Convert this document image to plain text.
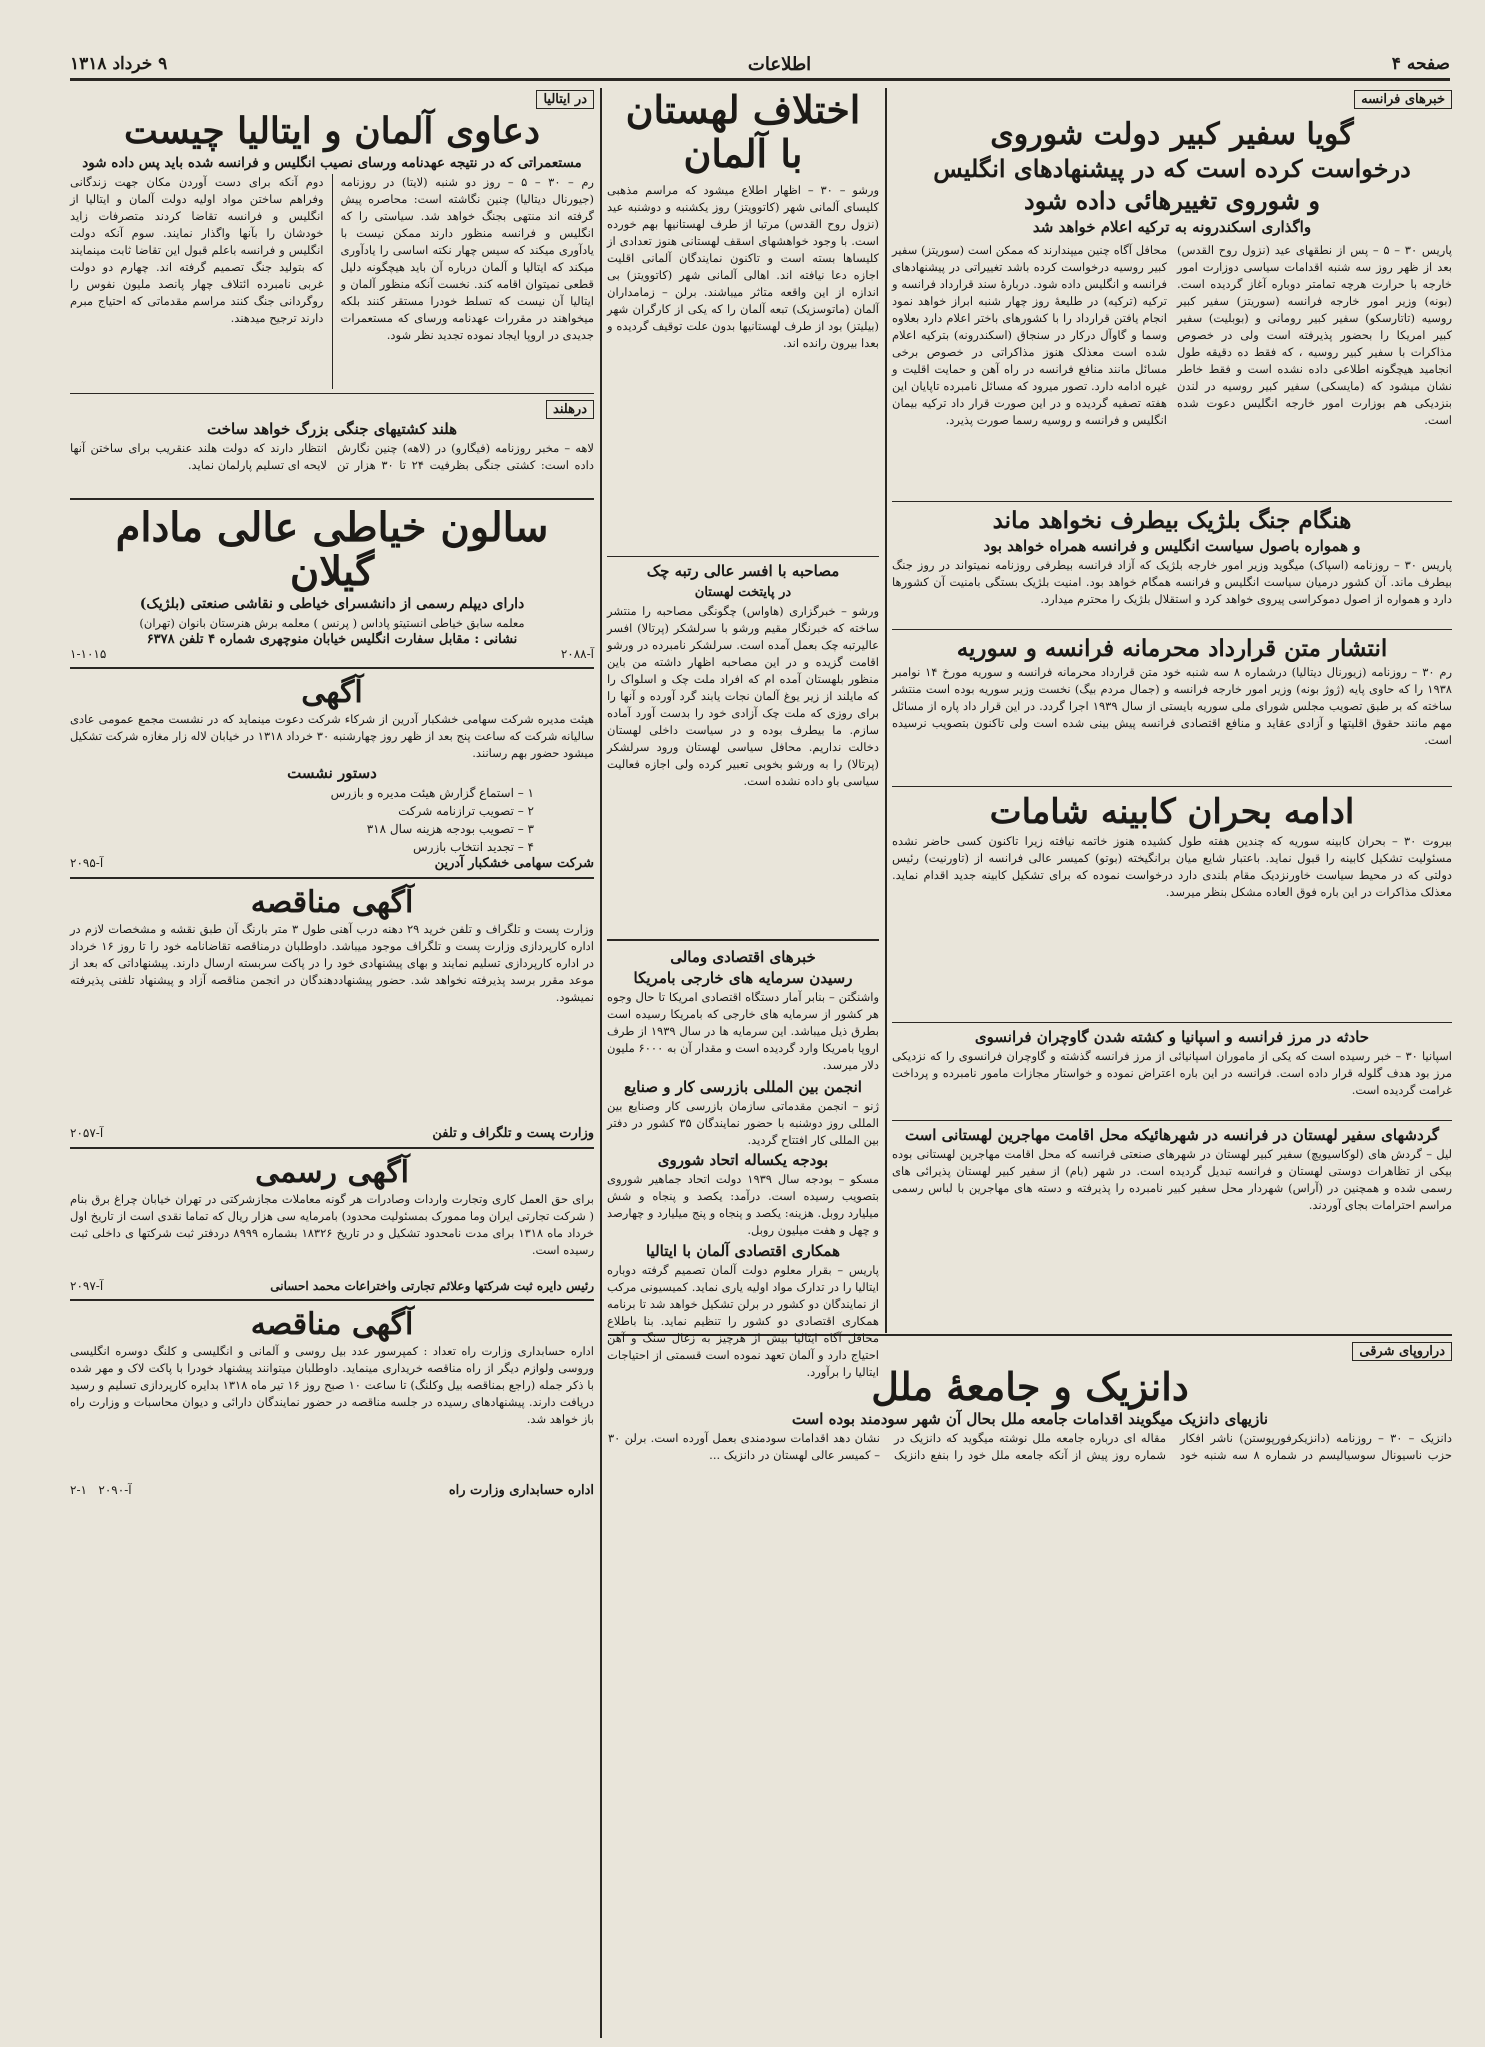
۹ خرداد ۱۳۱۸	اطلاعات	صفحه ۴
خبرهای فرانسه
گویا سفیر کبیر دولت شوروی
درخواست کرده است که در پیشنهادهای انگلیس
و شوروی تغییرهائی داده شود
واگذاری اسکندرونه به ترکیه اعلام خواهد شد
پاریس ۳۰ – ۵ – پس از نطقهای عید (نزول روح القدس) بعد از ظهر روز سه شنبه اقدامات سیاسی دوزارت امور خارجه با حرارت هرچه تمامتر دوباره آغاز گردیده است. (بونه) وزیر امور خارجه فرانسه (سوریتز) سفیر کبیر روسیه (تاتارسکو) سفیر کبیر رومانی و (بوبلیت) سفیر کبیر امریکا را بحضور پذیرفته است ولی در خصوص مذاکرات با سفیر کبیر روسیه ، که فقط ده دقیقه طول انجامید هیچگونه اطلاعی داده نشده است و فقط خاطر نشان میشود که (مایسکی) سفیر کبیر روسیه در لندن بنزدیکی هم بوزارت امور خارجه انگلیس دعوت شده است.
محافل آگاه چنین میپندارند که ممکن است (سوریتز) سفیر کبیر روسیه درخواست کرده باشد تغییراتی در پیشنهادهای فرانسه و انگلیس داده شود. دربارهٔ سند قرارداد فرانسه و ترکیه (ترکیه) در طلیعهٔ روز چهار شنبه ابراز خواهد نمود انجام یافتن قرارداد را با کشورهای باختر اعلام دارد بعلاوه وسما و گاوآل درکار در سنجاق (اسکندرونه) بترکیه اعلام شده است معذلک هنوز مذاکراتی در خصوص برخی مسائل مانند منافع فرانسه در راه آهن و حمایت اقلیت و غیره ادامه دارد. تصور میرود که مسائل نامبرده تاپایان این هفته تصفیه گردیده و در این صورت قرار داد ترکیه بیمان انگلیس و فرانسه و روسیه رسما صورت پذیرد.
هنگام جنگ بلژیک بیطرف نخواهد ماند
و همواره باصول سیاست انگلیس و فرانسه همراه خواهد بود
پاریس ۳۰ – روزنامه (اسپاک) میگوید وزیر امور خارجه بلژیک که آزاد فرانسه بیطرفی روزنامه نمیتواند در روز جنگ بیطرف ماند. آن کشور درمیان سیاست انگلیس و فرانسه همگام خواهد بود. امنیت بلژیک بستگی بامنیت آن کشورها دارد و همواره از اصول دموکراسی پیروی خواهد کرد و استقلال بلژیک را محترم میدارد.
انتشار متن قرارداد محرمانه فرانسه و سوریه
رم ۳۰ – روزنامه (زیورنال دیتالیا) درشماره ۸ سه شنبه خود متن قرارداد محرمانه فرانسه و سوریه مورخ ۱۴ نوامبر ۱۹۳۸ را که حاوی پایه (ژوژ بونه) وزیر امور خارجه فرانسه و (جمال مردم بیگ) نخست وزیر سوریه بوده است منتشر ساخته که بر طبق تصویب مجلس شورای ملی سوریه بایستی از سال ۱۹۳۹ اجرا گردد. در این قرار داد پاره از مسائل مهم مانند حقوق اقلیتها و آزادی عقاید و منافع اقتصادی فرانسه پیش بینی شده است ولی تاکنون بتصویب نرسیده است.
ادامه بحران کابینه شامات
بیروت ۳۰ – بحران کابینه سوریه که چندین هفته طول کشیده هنوز خاتمه نیافته زیرا تاکنون کسی حاضر نشده مسئولیت تشکیل کابینه را قبول نماید. باعتبار شایع میان برانگیخته (بوتو) کمیسر عالی فرانسه از (تاورنیت) رئیس دولتی که در محیط سیاست خاورنزدیک مقام بلندی دارد درخواست نموده که برای تشکیل کابینه جدید اقدام نماید. معذلک مذاکرات در این باره فوق العاده مشکل بنظر میرسد.
حادثه در مرز فرانسه و اسپانیا و کشته شدن گاوچران فرانسوی
اسپانیا ۳۰ – خبر رسیده است که یکی از ماموران اسپانیائی از مرز فرانسه گذشته و گاوچران فرانسوی را که نزدیکی مرز بود هدف گلوله قرار داده است. فرانسه در این باره اعتراض نموده و خواستار مجازات مامور نامبرده و پرداخت غرامت گردیده است.
گردشهای سفیر لهستان در فرانسه در شهرهائیکه محل اقامت مهاجرین لهستانی است
لیل – گردش های (لوکاسیویچ) سفیر کبیر لهستان در شهرهای صنعتی فرانسه که محل اقامت مهاجرین لهستانی بوده بیکی از تظاهرات دوستی لهستان و فرانسه تبدیل گردیده است. در شهر (بام) از سفیر کبیر لهستان پذیرائی های رسمی شده و همچنین در (آراس) شهردار محل سفیر کبیر نامبرده را پذیرفته و دسته های مهاجرین با لباس رسمی مراسم احترامات بجای آوردند.
دراروپای شرقی
دانزیک و جامعهٔ ملل
نازیهای دانزیک میگویند اقدامات جامعه ملل بحال آن شهر سودمند بوده است
دانزیک – ۳۰ – روزنامه (دانزیکرفورپوستن) ناشر افکار حزب ناسیونال سوسیالیسم در شماره ۸ سه شنبه خود مقاله ای درباره جامعه ملل نوشته میگوید که دانزیک در شماره روز پیش از آنکه جامعه ملل خود را بنفع دانزیک نشان دهد اقدامات سودمندی بعمل آورده است. برلن ۳۰ – کمیسر عالی لهستان در دانزیک ...
اختلاف لهستان
با آلمان
ورشو – ۳۰ – اظهار اطلاع میشود که مراسم مذهبی کلیسای آلمانی شهر (کاتوویتز) روز یکشنبه و دوشنبه عید (نزول روح القدس) مرتبا از طرف لهستانیها بهم خورده است. با وجود خواهشهای اسقف لهستانی هنوز تعدادی از کلیساها بسته است و تاکنون نمایندگان آلمانی اقلیت اجازه دعا نیافته اند. اهالی آلمانی شهر (کاتوویتز) بی اندازه از این واقعه متاثر میباشند. برلن – زمامداران آلمان (ماتوسزیک) تبعه آلمان را که یکی از کارگران شهر (بیلیتز) بود از طرف لهستانیها بدون علت توقیف گردیده و بعدا بیرون رانده اند.
مصاحبه با افسر عالی رتبه چک
در پایتخت لهستان
ورشو – خبرگزاری (هاواس) چگونگی مصاحبه را منتشر ساخته که خبرنگار مقیم ورشو با سرلشکر (پرتالا) افسر عالیرتبه چک بعمل آمده است. سرلشکر نامبرده در ورشو اقامت گزیده و در این مصاحبه اظهار داشته من باین منظور بلهستان آمده ام که افراد ملت چک و اسلواک را که مایلند از زیر یوغ آلمان نجات یابند گرد آورده و آنها را برای روزی که ملت چک آزادی خود را بدست آورد آماده سازم. ما بیطرف بوده و در سیاست داخلی لهستان دخالت نداریم. محافل سیاسی لهستان ورود سرلشکر (پرتالا) را به ورشو بخوبی تعبیر کرده ولی اجازه فعالیت سیاسی باو داده نشده است.
خبرهای اقتصادی ومالی
رسیدن سرمایه های خارجی بامریکا
واشنگتن – بنابر آمار دستگاه اقتصادی امریکا تا حال وجوه هر کشور از سرمایه های خارجی که بامریکا رسیده است بطرق ذیل میباشد. این سرمایه ها در سال ۱۹۳۹ از طرف اروپا بامریکا وارد گردیده است و مقدار آن به ۶۰۰۰ ملیون دلار میرسد.
انجمن بین المللی بازرسی کار و صنایع
ژنو – انجمن مقدماتی سازمان بازرسی کار وصنایع بین المللی روز دوشنبه با حضور نمایندگان ۳۵ کشور در دفتر بین المللی کار افتتاح گردید.
بودجه یکساله اتحاد شوروی
مسکو – بودجه سال ۱۹۳۹ دولت اتحاد جماهیر شوروی بتصویب رسیده است. درآمد: یکصد و پنجاه و شش میلیارد روبل. هزینه: یکصد و پنجاه و پنج میلیارد و چهارصد و چهل و هفت میلیون روبل.
همکاری اقتصادی آلمان با ایتالیا
پاریس – بقرار معلوم دولت آلمان تصمیم گرفته دوباره ایتالیا را در تدارک مواد اولیه یاری نماید. کمیسیونی مرکب از نمایندگان دو کشور در برلن تشکیل خواهد شد تا برنامه همکاری اقتصادی دو کشور را تنظیم نماید. بنا باطلاع محافل آگاه ایتالیا بیش از هرچیز به زغال سنگ و آهن احتیاج دارد و آلمان تعهد نموده است قسمتی از احتیاجات ایتالیا را برآورد.
در ایتالیا
دعاوی آلمان و ایتالیا چیست
مستعمراتی که در نتیجه عهدنامه ورسای نصیب انگلیس و فرانسه شده باید پس داده شود
رم – ۳۰ – ۵ – روز دو شنبه (لایتا) در روزنامه (جیورنال دیتالیا) چنین نگاشته است: محاصره پیش گرفته اند منتهی بجنگ خواهد شد. سیاستی را که انگلیس و فرانسه منظور دارند ممکن نیست با یادآوری میکند که سیس چهار نکته اساسی را یادآوری میکند که ایتالیا و آلمان درباره آن باید هیچگونه دلیل قطعی نمیتوان اقامه کند. نخست آنکه منظور آلمان و ایتالیا آن نیست که تسلط خودرا مستقر کنند بلکه میخواهند در مقررات عهدنامه ورسای که مستعمرات جدیدی در اروپا ایجاد نموده تجدید نظر شود.
دوم آنکه برای دست آوردن مکان جهت زندگانی وفراهم ساختن مواد اولیه دولت آلمان و ایتالیا از انگلیس و فرانسه تقاضا کردند متصرفات زاید خودشان را بآنها واگذار نمایند. سوم آنکه دولت انگلیس و فرانسه باعلم قبول این تقاضا ثابت مینمایند که بتولید جنگ تصمیم گرفته اند. چهارم دو دولت غربی نامبرده ائتلاف چهار پانصد ملیون نفوس را روگردانی جنگ کنند مراسم مقدماتی که احتیاج مبرم دارند ترجیح میدهند.
درهلند
هلند کشتیهای جنگی بزرگ خواهد ساخت
لاهه – مخبر روزنامه (فیگارو) در (لاهه) چنین نگارش داده است: کشتی جنگی بظرفیت ۲۴ تا ۳۰ هزار تن انتظار دارند که دولت هلند عنقریب برای ساختن آنها لایحه ای تسلیم پارلمان نماید.
سالون خیاطی عالی مادام گیلان
دارای دیپلم رسمی از دانشسرای خیاطی و نقاشی صنعتی (بلژیک)
معلمه سابق خیاطی انستیتو پاداس ( پرنس ) معلمه برش هنرستان بانوان (تهران)
نشانی : مقابل سفارت انگلیس خیابان منوچهری شماره ۴ تلفن ۶۳۷۸
آ-۲۰۸۸
۱-۱۰۱۵
آگهی
هیئت مدیره شرکت سهامی خشکبار آدرین از شرکاء شرکت دعوت مینماید که در نشست مجمع عمومی عادی سالیانه شرکت که ساعت پنج بعد از ظهر روز چهارشنبه ۳۰ خرداد ۱۳۱۸ در خیابان لاله زار مغازه شرکت تشکیل میشود حضور بهم رسانند.
دستور نشست
۱ – استماع گزارش هیئت مدیره و بازرس
۲ – تصویب ترازنامه شرکت
۳ – تصویب بودجه هزینه سال ۳۱۸
۴ – تجدید انتخاب بازرس
آ-۲۰۹۵	شرکت سهامی خشکبار آدرین
آگهی مناقصه
وزارت پست و تلگراف و تلفن خرید ۲۹ دهنه درب آهنی طول ۳ متر بارنگ آن طبق نقشه و مشخصات لازم در اداره کارپردازی وزارت پست و تلگراف موجود میباشد. داوطلبان درمناقصه تقاضانامه خود را تا روز ۱۶ خرداد در اداره کارپردازی تسلیم نمایند و بهای پیشنهادی خود را در پاکت سربسته ارسال دارند. پیشنهاداتی که بعد از موعد مقرر برسد پذیرفته نخواهد شد. حضور پیشنهاددهندگان در انجمن مناقصه آزاد و پیشنهاد تلفنی پذیرفته نمیشود.
آ-۲۰۵۷	وزارت پست و تلگراف و تلفن
آگهی رسمی
برای حق العمل کاری وتجارت واردات وصادرات هر گونه معاملات مجازشرکتی در تهران خیابان چراغ برق بنام ( شرکت تجارتی ایران وما ممورک بمسئولیت محدود) بامرمایه سی هزار ریال که تماما نقدی است از تاریخ اول خرداد ماه ۱۳۱۸ برای مدت نامحدود تشکیل و در تاریخ ۱۸۳۲۶ بشماره ۸۹۹۹ دردفتر ثبت شرکتها ی داخلی ثبت رسیده است.
آ-۲۰۹۷	رئیس دایره ثبت شرکتها وعلائم تجارتی واختراعات محمد احسانی
آگهی مناقصه
اداره حسابداری وزارت راه تعداد : کمپرسور عدد بیل روسی و آلمانی و انگلیسی و کلنگ دوسره انگلیسی وروسی ولوازم دیگر از راه مناقصه خریداری مینماید. داوطلبان میتوانند پیشنهاد خودرا با پاکت لاک و مهر شده با ذکر جمله (راجع بمناقصه بیل وکلنگ) تا ساعت ۱۰ صبح روز ۱۶ تیر ماه ۱۳۱۸ بدایره کارپردازی تسلیم و رسید دریافت دارند. پیشنهادهای رسیده در جلسه مناقصه در حضور نمایندگان دارائی و دیوان محاسبات و وزارت راه باز خواهد شد.
۲-۱ آ-۲۰۹۰	اداره حسابداری وزارت راه
